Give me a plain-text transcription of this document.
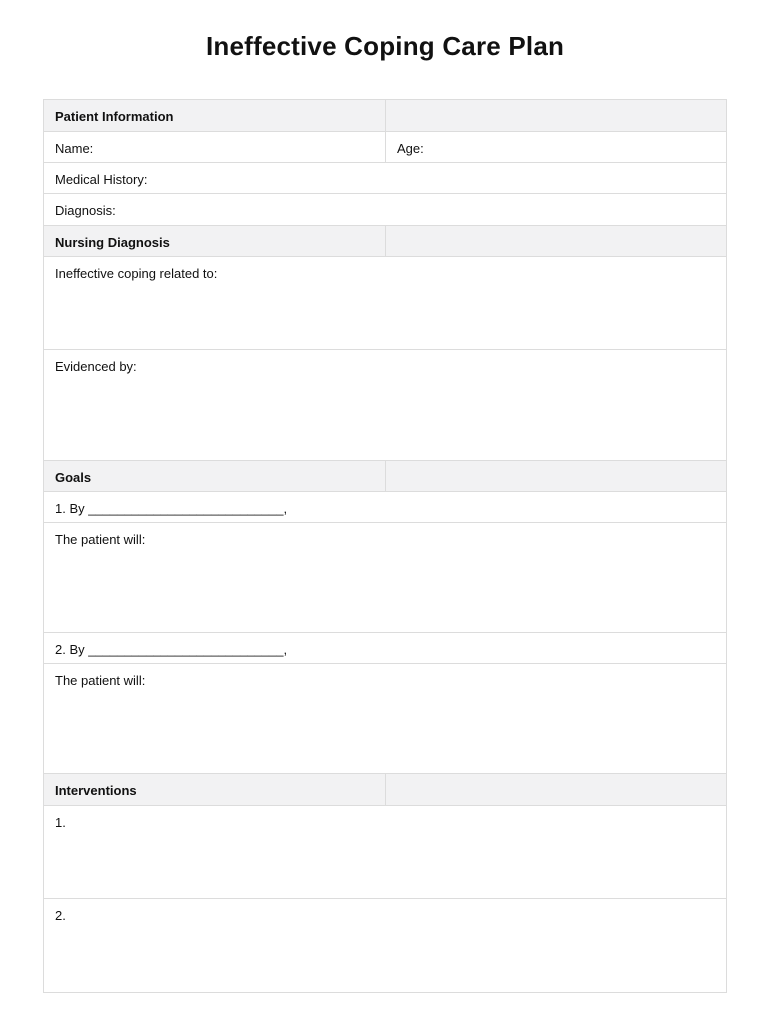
Ineffective Coping Care Plan
Patient Information
Name:	Age:
Medical History:
Diagnosis:
Nursing Diagnosis
Ineffective coping related to:
Evidenced by:
Goals
1. By ___________________________,
The patient will:
2. By ___________________________,
The patient will:
Interventions
1.
2.
